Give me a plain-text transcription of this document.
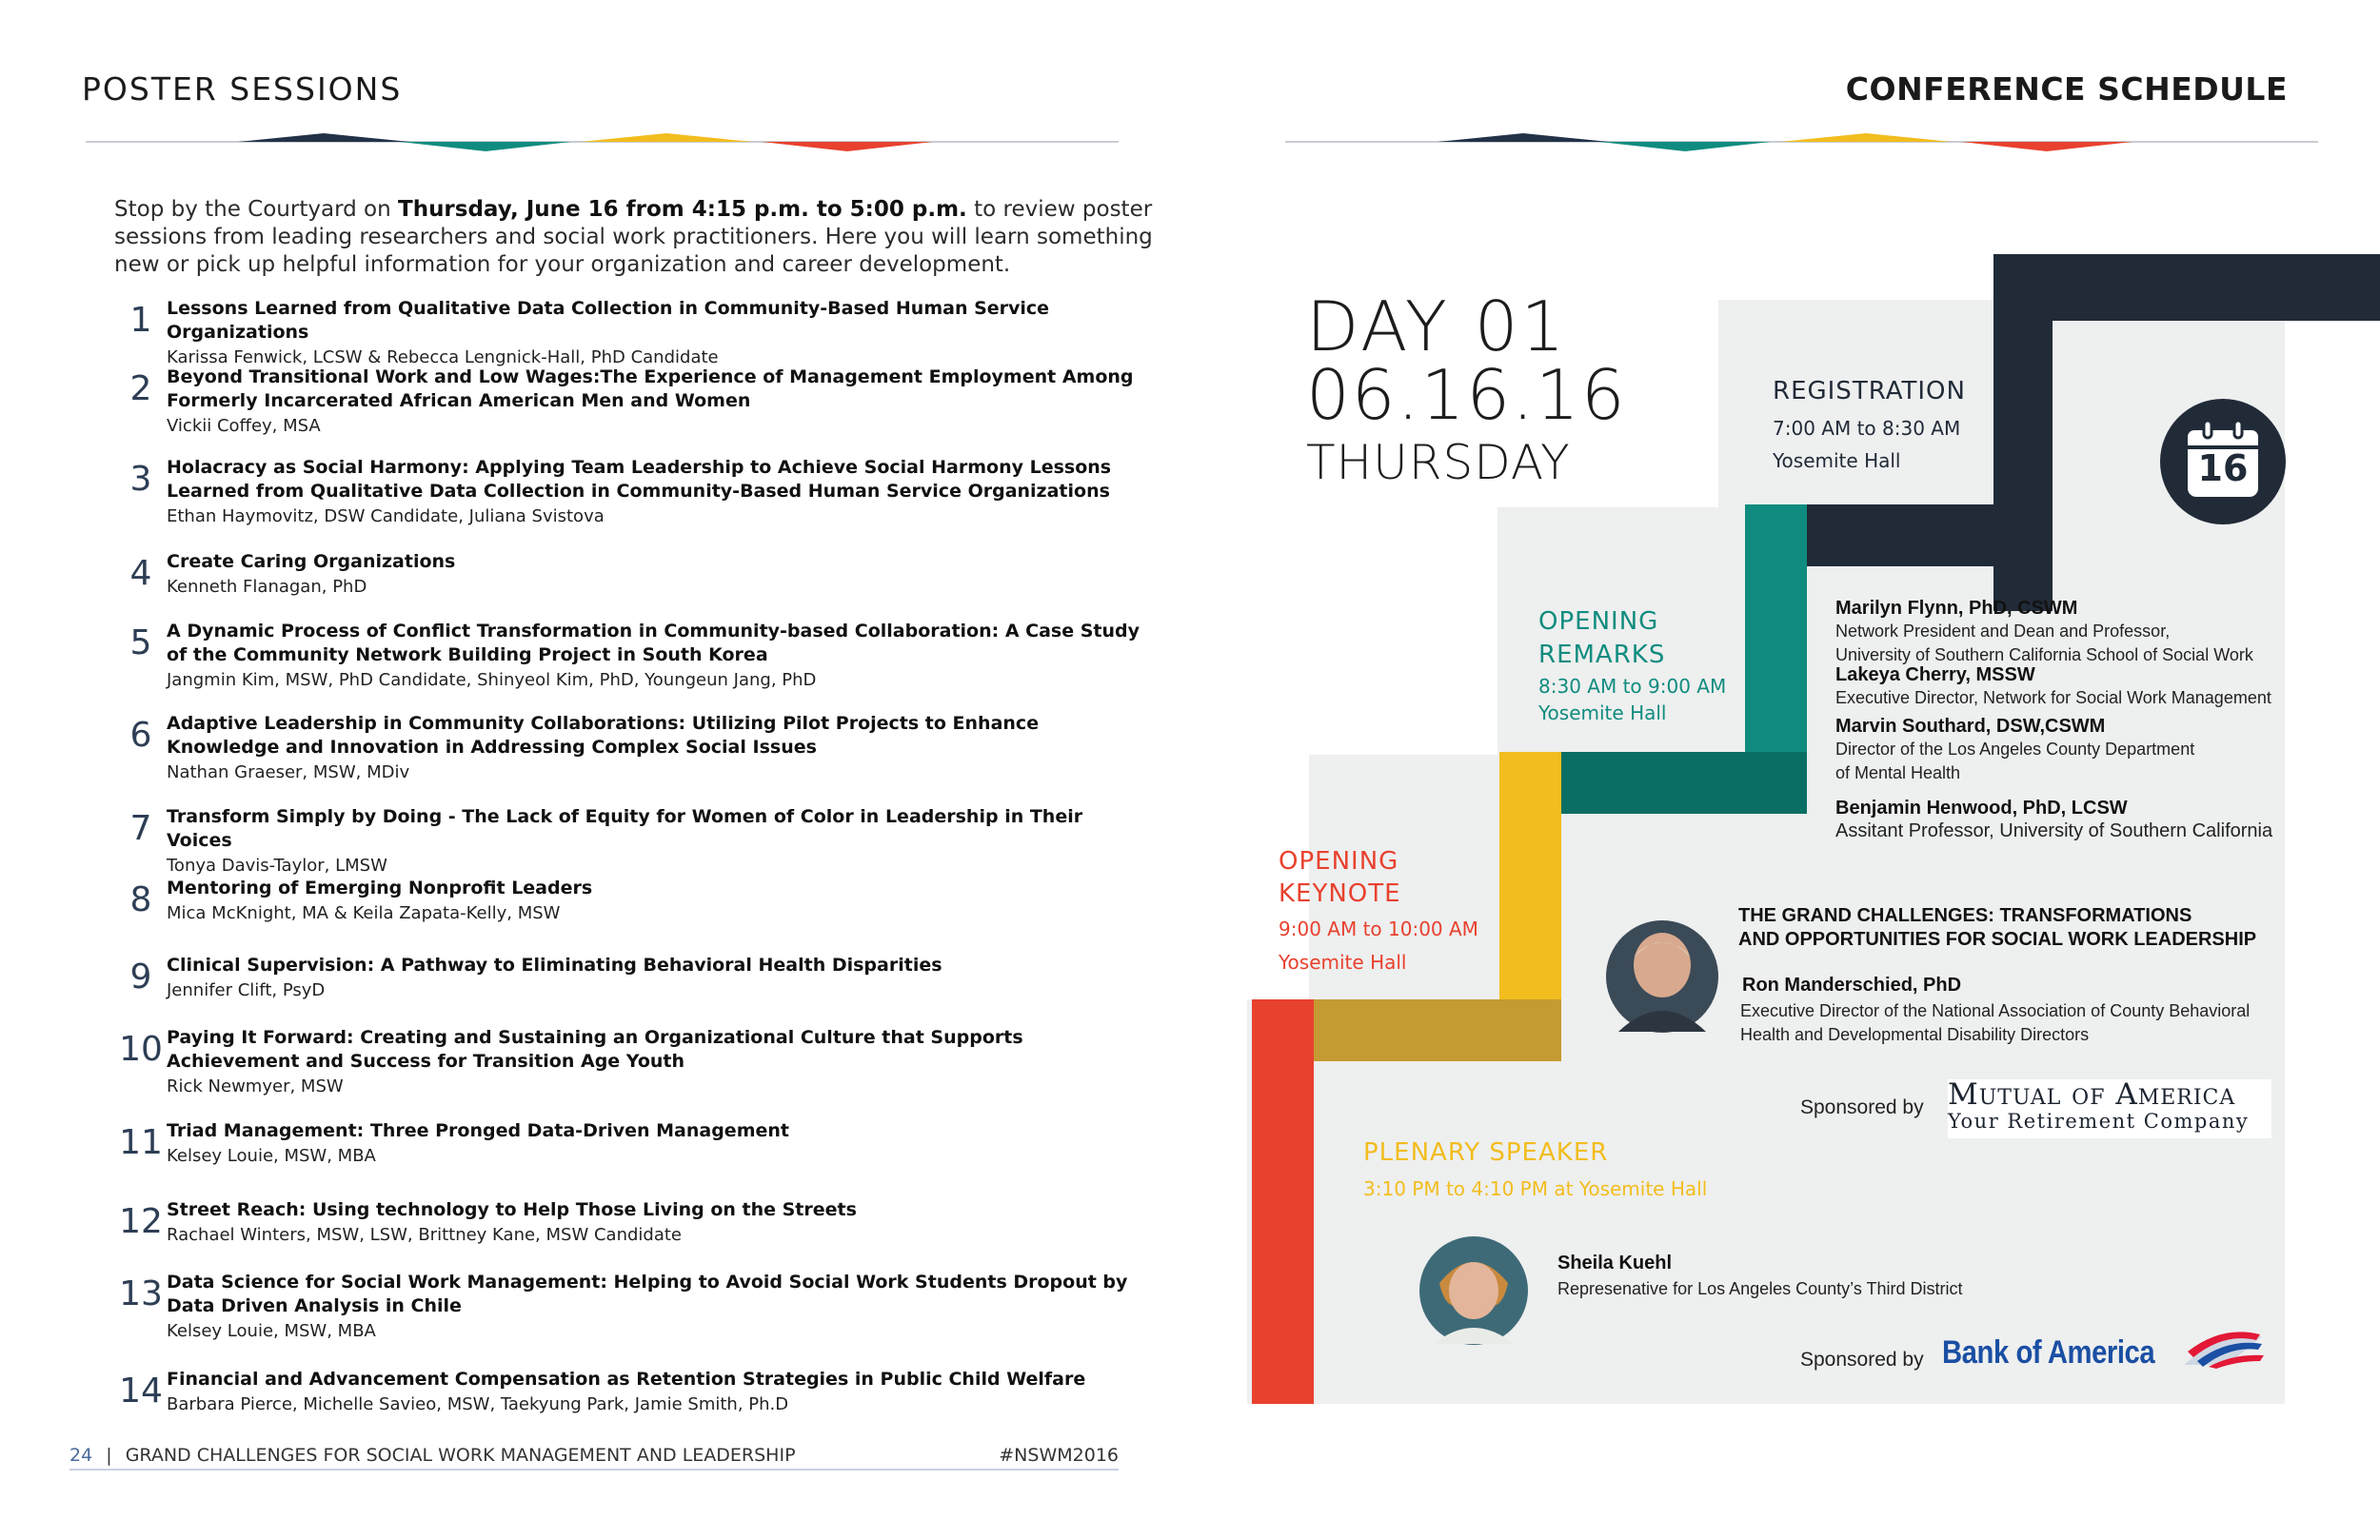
POSTER SESSIONS
Stop by the Courtyard on Thursday, June 16 from 4:15 p.m. to 5:00 p.m. to review poster sessions from leading researchers and social work practitioners. Here you will learn something new or pick up helpful information for your organization and career development.
1 Lessons Learned from Qualitative Data Collection in Community-Based Human Service Organizations
Karissa Fenwick, LCSW & Rebecca Lengnick-Hall, PhD Candidate
2 Beyond Transitional Work and Low Wages:The Experience of Management Employment Among Formerly Incarcerated African American Men and Women
Vickii Coffey, MSA
3 Holacracy as Social Harmony: Applying Team Leadership to Achieve Social Harmony Lessons Learned from Qualitative Data Collection in Community-Based Human Service Organizations
Ethan Haymovitz, DSW Candidate, Juliana Svistova
4 Create Caring Organizations
Kenneth Flanagan, PhD
5 A Dynamic Process of Conflict Transformation in Community-based Collaboration: A Case Study of the Community Network Building Project in South Korea
Jangmin Kim, MSW, PhD Candidate, Shinyeol Kim, PhD, Youngeun Jang, PhD
6 Adaptive Leadership in Community Collaborations: Utilizing Pilot Projects to Enhance Knowledge and Innovation in Addressing Complex Social Issues
Nathan Graeser, MSW, MDiv
7 Transform Simply by Doing - The Lack of Equity for Women of Color in Leadership in Their Voices
Tonya Davis-Taylor, LMSW
8 Mentoring of Emerging Nonprofit Leaders
Mica McKnight, MA & Keila Zapata-Kelly, MSW
9 Clinical Supervision: A Pathway to Eliminating Behavioral Health Disparities
Jennifer Clift, PsyD
10 Paying It Forward: Creating and Sustaining an Organizational Culture that Supports Achievement and Success for Transition Age Youth
Rick Newmyer, MSW
11 Triad Management: Three Pronged Data-Driven Management
Kelsey Louie, MSW, MBA
12 Street Reach: Using technology to Help Those Living on the Streets
Rachael Winters, MSW, LSW, Brittney Kane, MSW Candidate
13 Data Science for Social Work Management: Helping to Avoid Social Work Students Dropout by Data Driven Analysis in Chile
Kelsey Louie, MSW, MBA
14 Financial and Advancement Compensation as Retention Strategies in Public Child Welfare
Barbara Pierce, Michelle Savieo, MSW, Taekyung Park, Jamie Smith, Ph.D
24 | GRAND CHALLENGES FOR SOCIAL WORK MANAGEMENT AND LEADERSHIP	#NSWM2016
CONFERENCE SCHEDULE
DAY 01
06.16.16
THURSDAY	16
REGISTRATION
7:00 AM to 8:30 AM
Yosemite Hall
OPENING
REMARKS
8:30 AM to 9:00 AM
Yosemite Hall
Marilyn Flynn, PhD, CSWM
Network President and Dean and Professor,
University of Southern California School of Social Work
Lakeya Cherry, MSSW
Executive Director, Network for Social Work Management
Marvin Southard, DSW,CSWM
Director of the Los Angeles County Department
of Mental Health
Benjamin Henwood, PhD, LCSW
Assitant Professor, University of Southern California
OPENING
KEYNOTE
9:00 AM to 10:00 AM
Yosemite Hall
THE GRAND CHALLENGES: TRANSFORMATIONS
AND OPPORTUNITIES FOR SOCIAL WORK LEADERSHIP
Ron Manderschied, PhD
Executive Director of the National Association of County Behavioral
Health and Developmental Disability Directors
Sponsored by Mutual of America
Your Retirement Company
PLENARY SPEAKER
3:10 PM to 4:10 PM at Yosemite Hall
Sheila Kuehl
Represenative for Los Angeles County’s Third District
Sponsored by Bank of America
